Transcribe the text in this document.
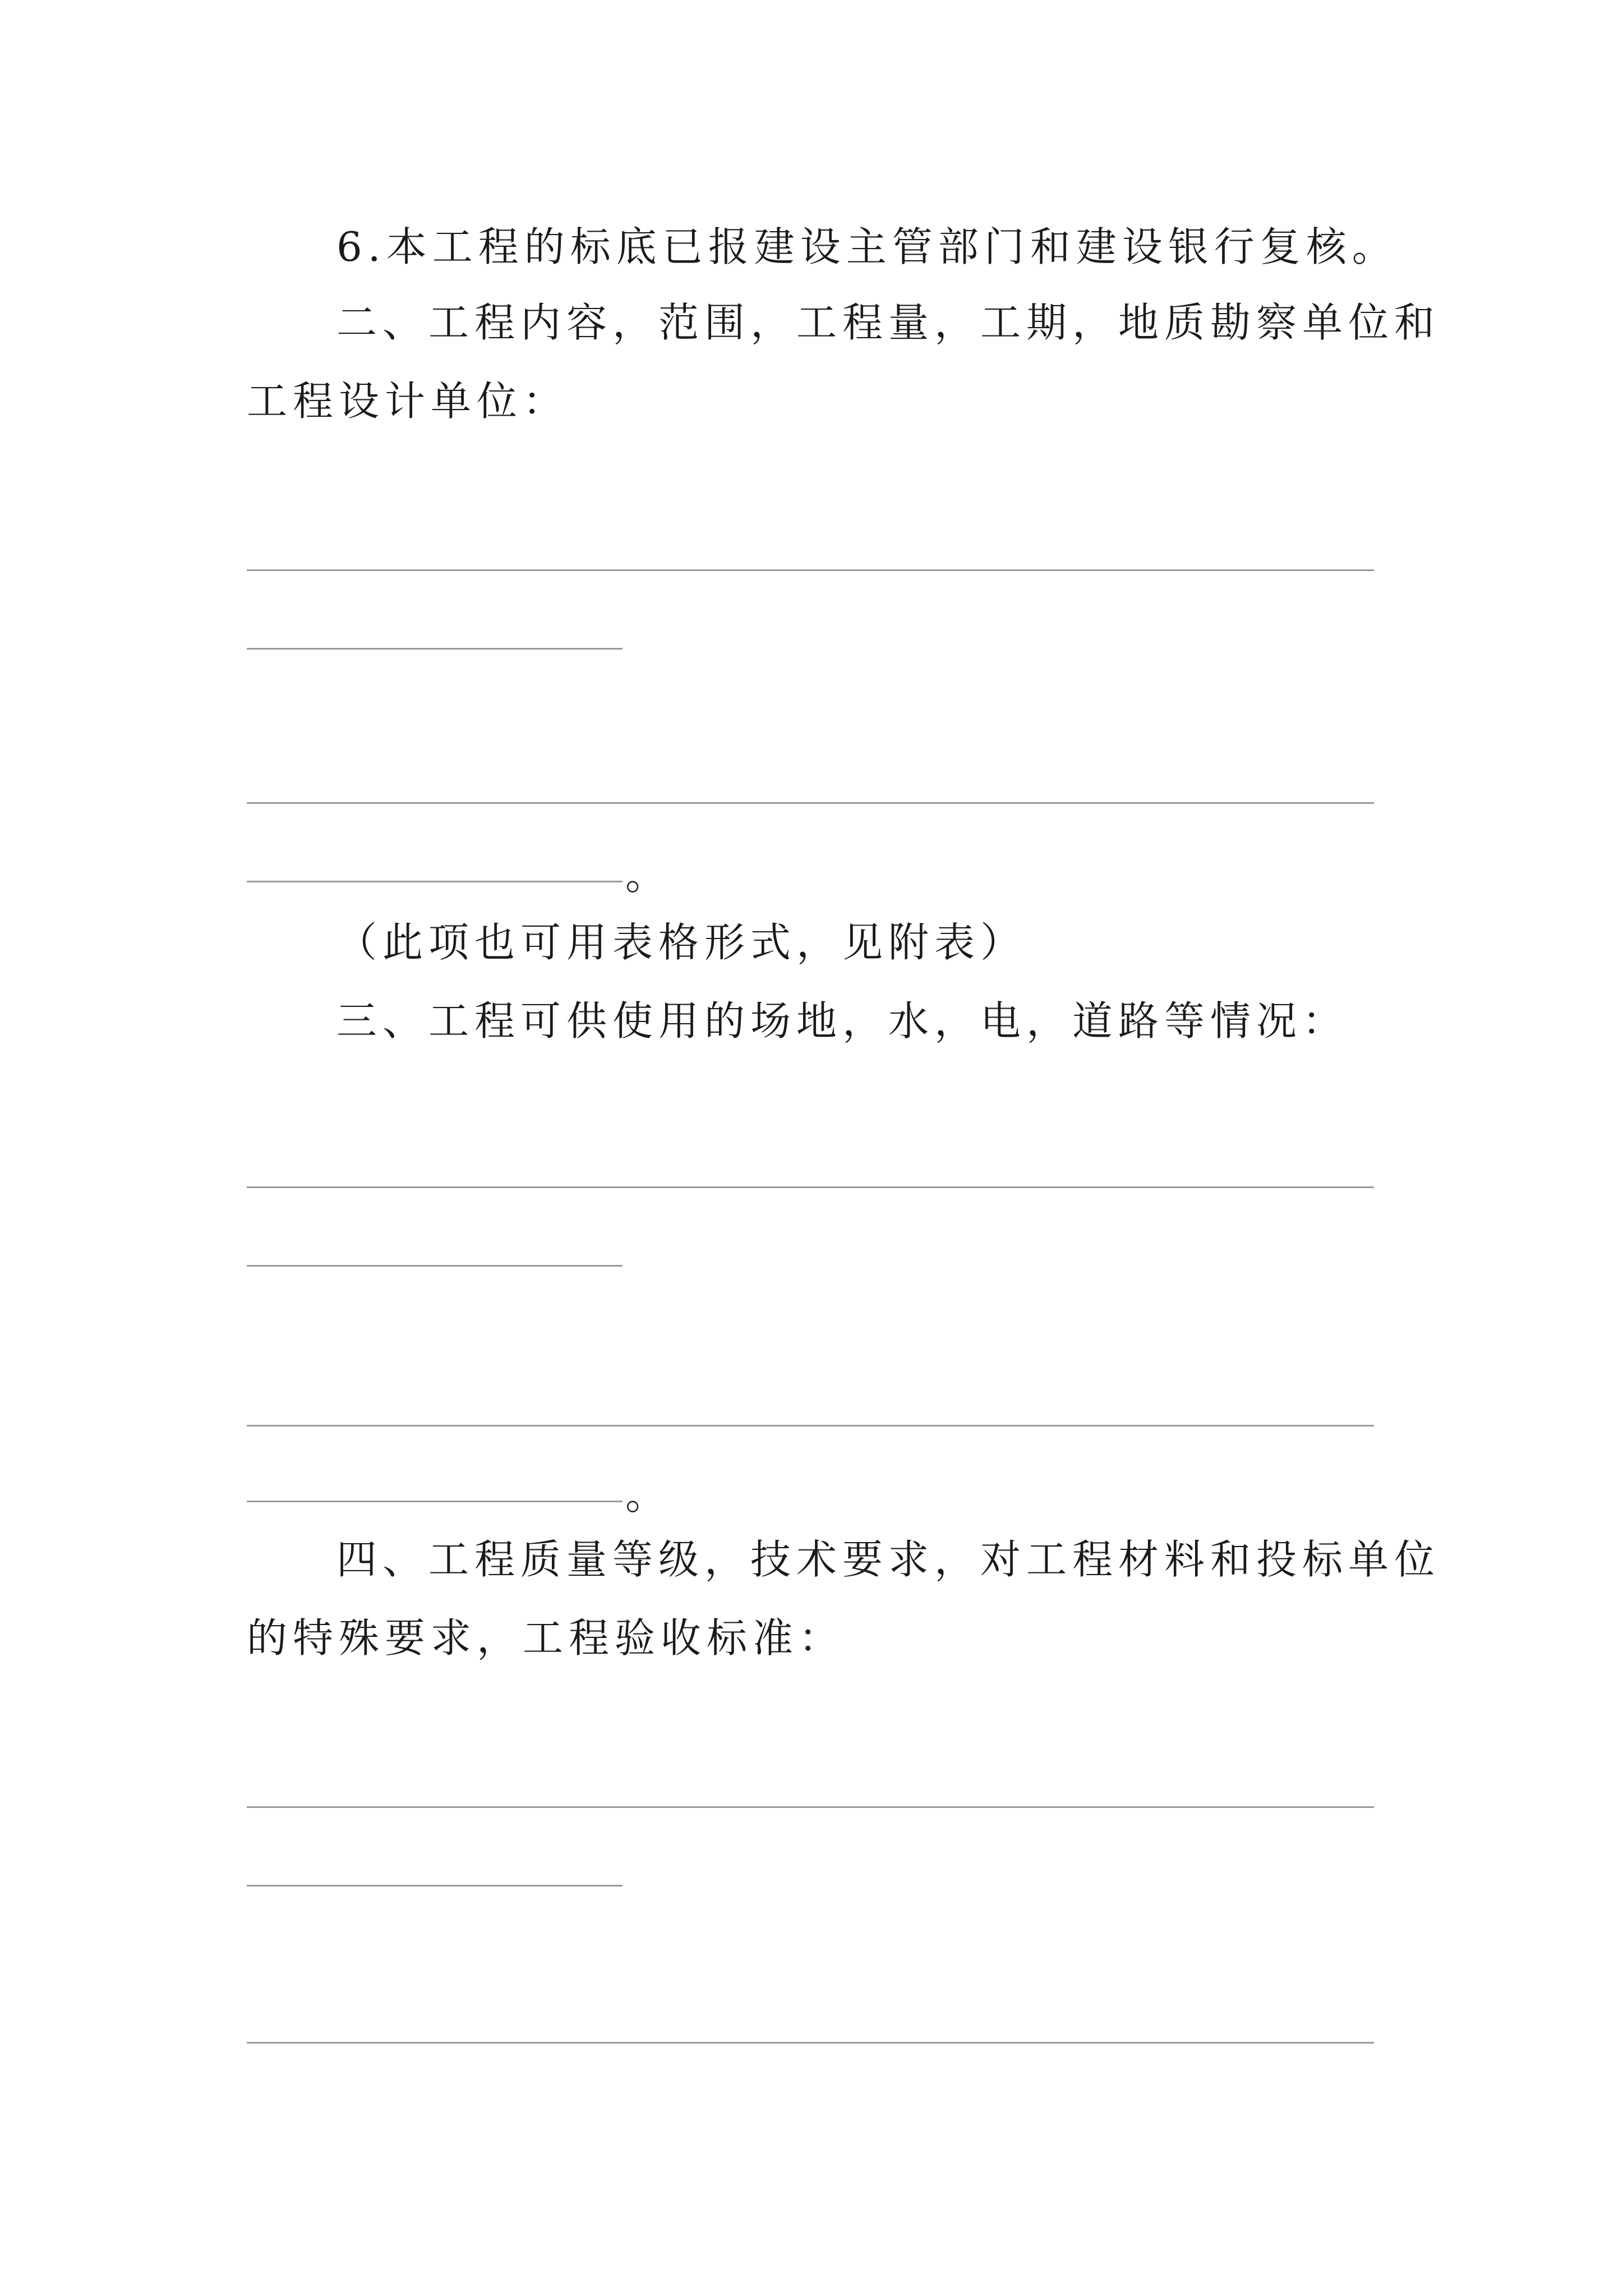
6.本工程的标底已报建设主管部门和建设银行复核。

二、工程内容，范围，工程量，工期，地质勘察单位和

工程设计单位：

。

（此项也可用表格形式，见附表）

三、工程可供使用的场地，水，电，道路等情况：

。

四、工程质量等级，技术要求，对工程材料和投标单位

的特殊要求，工程验收标准：
